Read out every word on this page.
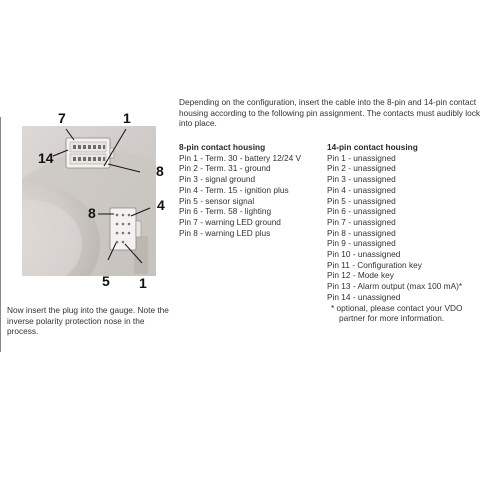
7	1
14
8
8	4
5 1

Depending on the configuration, insert the cable into the 8-pin and 14-pin contact housing according to the following pin assignment. The contacts must audibly lock into place.

8-pin contact housing
Pin 1 - Term. 30 - battery 12/24 V
Pin 2 - Term. 31 - ground
Pin 3 - signal ground
Pin 4 - Term. 15 - ignition plus
Pin 5 - sensor signal
Pin 6 - Term. 58 - lighting
Pin 7 - warning LED ground
Pin 8 - warning LED plus
14-pin contact housing
Pin 1 - unassigned
Pin 2 - unassigned
Pin 3 - unassigned
Pin 4 - unassigned
Pin 5 - unassigned
Pin 6 - unassigned
Pin 7 - unassigned
Pin 8 - unassigned
Pin 9 - unassigned
Pin 10 - unassigned
Pin 11 - Configuration key
Pin 12 - Mode key
Pin 13 - Alarm output (max 100 mA)*
Pin 14 - unassigned

* optional, please contact your VDO
partner for more information.

Now insert the plug into the gauge. Note the inverse polarity protection nose in the process.
